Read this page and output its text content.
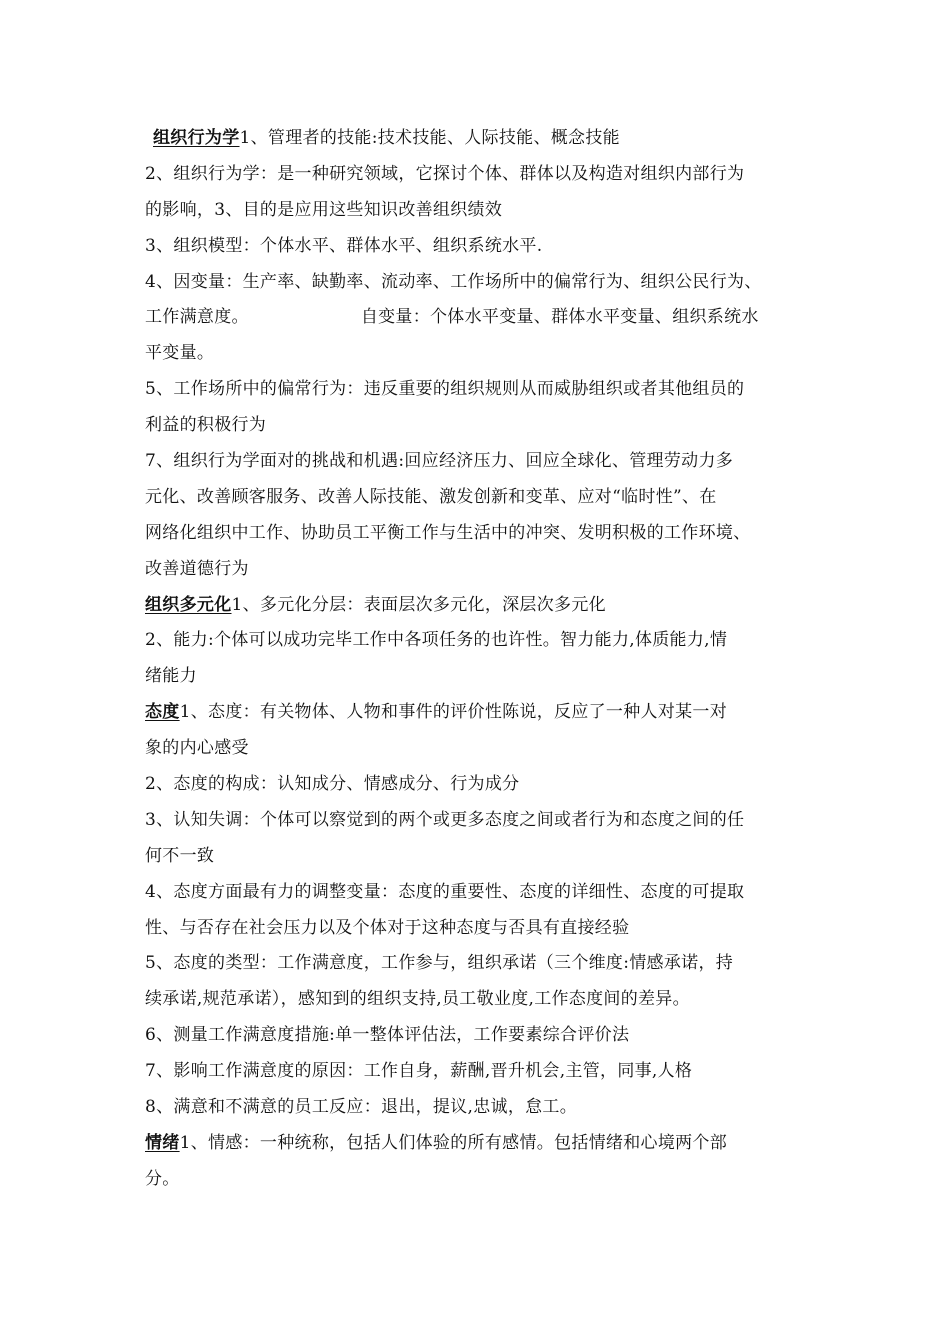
组织行为学1、管理者的技能:技术技能、人际技能、概念技能
2、组织行为学：是一种研究领域，它探讨个体、群体以及构造对组织内部行为
的影响，3、目的是应用这些知识改善组织绩效
3、组织模型：个体水平、群体水平、组织系统水平.
4、因变量：生产率、缺勤率、流动率、工作场所中的偏常行为、组织公民行为、
工作满意度。	自变量：个体水平变量、群体水平变量、组织系统水
平变量。
5、工作场所中的偏常行为：违反重要的组织规则从而威胁组织或者其他组员的
利益的积极行为
7、组织行为学面对的挑战和机遇:回应经济压力、回应全球化、管理劳动力多
元化、改善顾客服务、改善人际技能、激发创新和变革、应对“临时性”、在
网络化组织中工作、协助员工平衡工作与生活中的冲突、发明积极的工作环境、
改善道德行为
组织多元化1、多元化分层：表面层次多元化，深层次多元化
2、能力:个体可以成功完毕工作中各项任务的也许性。智力能力,体质能力,情
绪能力
态度1、态度：有关物体、人物和事件的评价性陈说，反应了一种人对某一对
象的内心感受
2、态度的构成：认知成分、情感成分、行为成分
3、认知失调：个体可以察觉到的两个或更多态度之间或者行为和态度之间的任
何不一致
4、态度方面最有力的调整变量：态度的重要性、态度的详细性、态度的可提取
性、与否存在社会压力以及个体对于这种态度与否具有直接经验
5、态度的类型：工作满意度，工作参与，组织承诺（三个维度:情感承诺，持
续承诺,规范承诺），感知到的组织支持,员工敬业度,工作态度间的差异。
6、测量工作满意度措施:单一整体评估法，工作要素综合评价法
7、影响工作满意度的原因：工作自身，薪酬,晋升机会,主管，同事,人格
8、满意和不满意的员工反应：退出，提议,忠诚，怠工。
情绪1、情感：一种统称，包括人们体验的所有感情。包括情绪和心境两个部
分。
